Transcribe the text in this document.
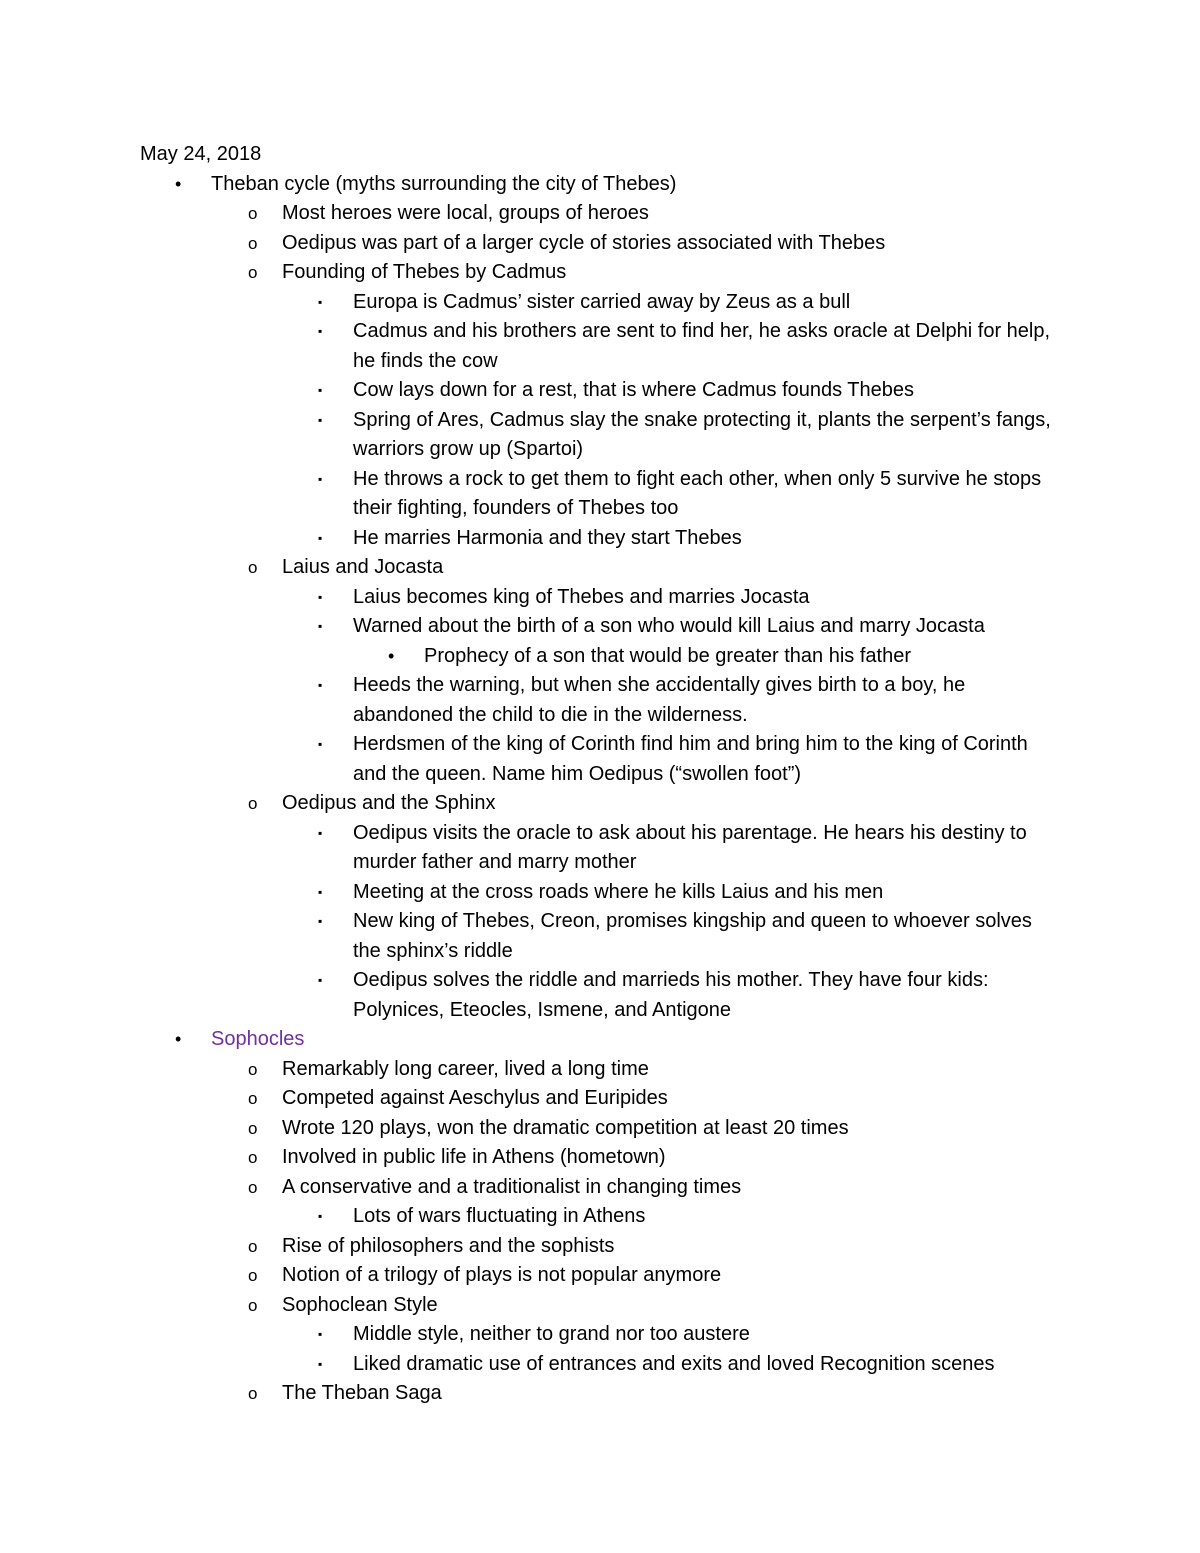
May 24, 2018
•	Theban cycle (myths surrounding the city of Thebes)
o	Most heroes were local, groups of heroes
o	Oedipus was part of a larger cycle of stories associated with Thebes
o	Founding of Thebes by Cadmus
▪	Europa is Cadmus’ sister carried away by Zeus as a bull
▪	Cadmus and his brothers are sent to find her, he asks oracle at Delphi for help, he finds the cow
▪	Cow lays down for a rest, that is where Cadmus founds Thebes
▪	Spring of Ares, Cadmus slay the snake protecting it, plants the serpent’s fangs, warriors grow up (Spartoi)
▪	He throws a rock to get them to fight each other, when only 5 survive he stops their fighting, founders of Thebes too
▪	He marries Harmonia and they start Thebes
o	Laius and Jocasta
▪	Laius becomes king of Thebes and marries Jocasta
▪	Warned about the birth of a son who would kill Laius and marry Jocasta
•	Prophecy of a son that would be greater than his father
▪	Heeds the warning, but when she accidentally gives birth to a boy, he abandoned the child to die in the wilderness.
▪	Herdsmen of the king of Corinth find him and bring him to the king of Corinth and the queen. Name him Oedipus (“swollen foot”)
o	Oedipus and the Sphinx
▪	Oedipus visits the oracle to ask about his parentage. He hears his destiny to murder father and marry mother
▪	Meeting at the cross roads where he kills Laius and his men
▪	New king of Thebes, Creon, promises kingship and queen to whoever solves the sphinx’s riddle
▪	Oedipus solves the riddle and marrieds his mother. They have four kids: Polynices, Eteocles, Ismene, and Antigone
•	Sophocles
o	Remarkably long career, lived a long time
o	Competed against Aeschylus and Euripides
o	Wrote 120 plays, won the dramatic competition at least 20 times
o	Involved in public life in Athens (hometown)
o	A conservative and a traditionalist in changing times
▪	Lots of wars fluctuating in Athens
o	Rise of philosophers and the sophists
o	Notion of a trilogy of plays is not popular anymore
o	Sophoclean Style
▪	Middle style, neither to grand nor too austere
▪	Liked dramatic use of entrances and exits and loved Recognition scenes
o	The Theban Saga
